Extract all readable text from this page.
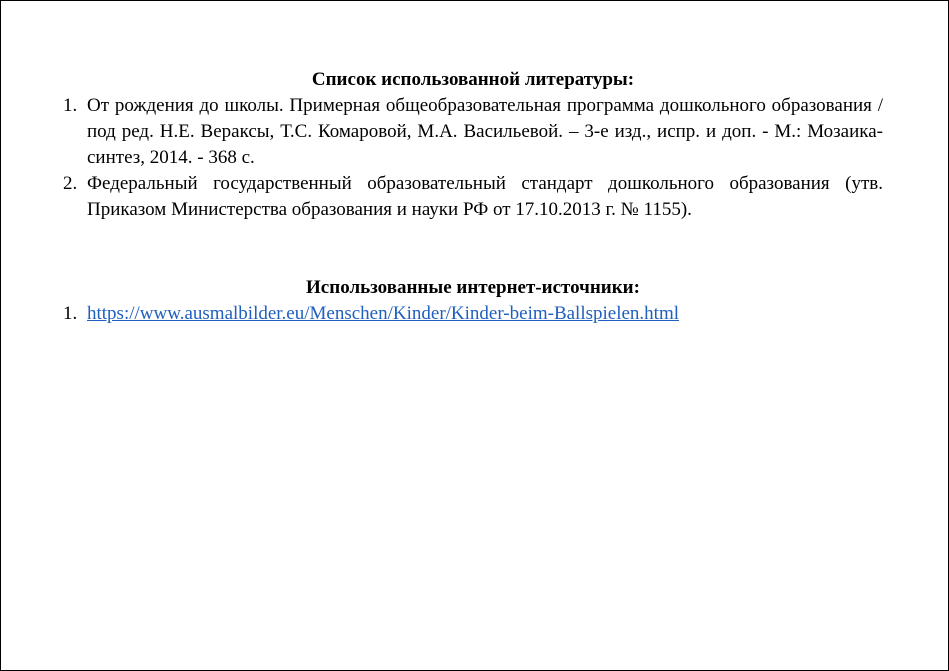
Список использованной литературы:
1. От рождения до школы. Примерная общеобразовательная программа дошкольного образования / под ред. Н.Е. Вераксы, Т.С. Комаровой, М.А. Васильевой. – 3-е изд., испр. и доп. - М.: Мозаика-синтез, 2014. - 368 с.
2. Федеральный государственный образовательный стандарт дошкольного образования (утв. Приказом Министерства образования и науки РФ от 17.10.2013 г. № 1155).
Использованные интернет-источники:
1. https://www.ausmalbilder.eu/Menschen/Kinder/Kinder-beim-Ballspielen.html
